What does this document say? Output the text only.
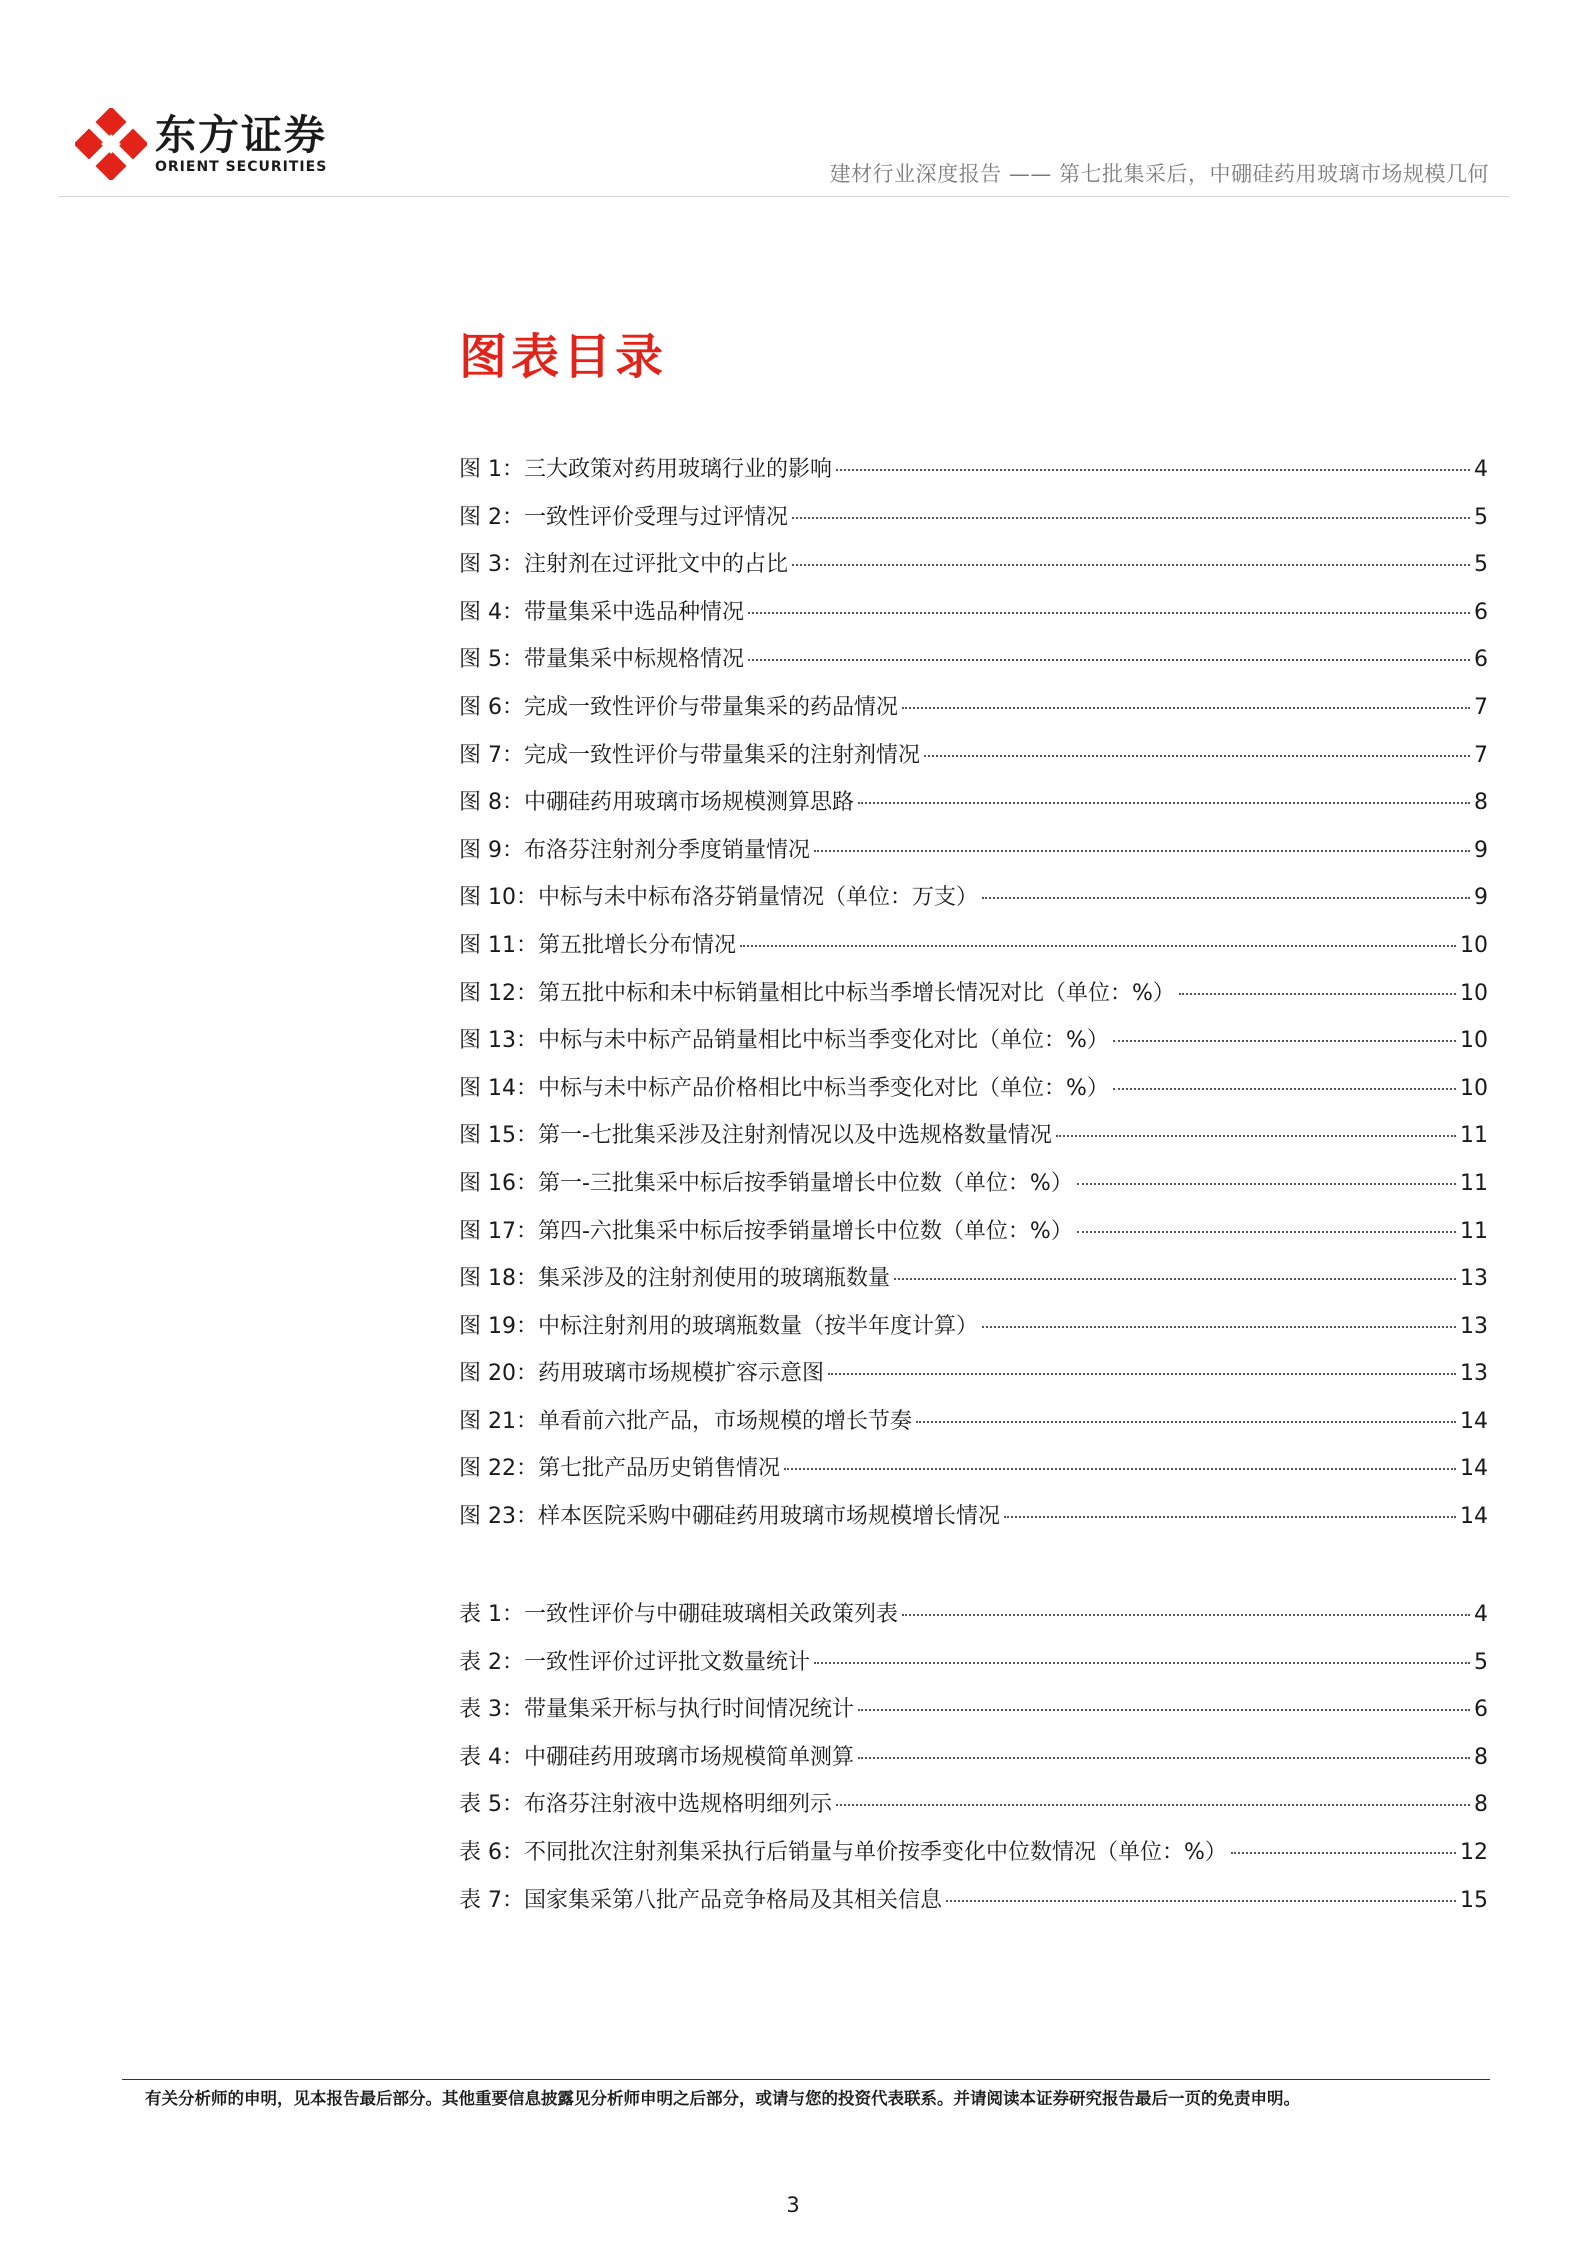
东方证券
ORIENT SECURITIES	建材行业深度报告 —— 第七批集采后，中硼硅药用玻璃市场规模几何
图表目录
图 1：三大政策对药用玻璃行业的影响	4
图 2：一致性评价受理与过评情况	5
图 3：注射剂在过评批文中的占比	5
图 4：带量集采中选品种情况	6
图 5：带量集采中标规格情况	6
图 6：完成一致性评价与带量集采的药品情况	7
图 7：完成一致性评价与带量集采的注射剂情况	7
图 8：中硼硅药用玻璃市场规模测算思路	8
图 9：布洛芬注射剂分季度销量情况	9
图 10：中标与未中标布洛芬销量情况（单位：万支）	9
图 11：第五批增长分布情况	10
图 12：第五批中标和未中标销量相比中标当季增长情况对比（单位：%）	10
图 13：中标与未中标产品销量相比中标当季变化对比（单位：%）	10
图 14：中标与未中标产品价格相比中标当季变化对比（单位：%）	10
图 15：第一-七批集采涉及注射剂情况以及中选规格数量情况	11
图 16：第一-三批集采中标后按季销量增长中位数（单位：%）	11
图 17：第四-六批集采中标后按季销量增长中位数（单位：%）	11
图 18：集采涉及的注射剂使用的玻璃瓶数量	13
图 19：中标注射剂用的玻璃瓶数量（按半年度计算）	13
图 20：药用玻璃市场规模扩容示意图	13
图 21：单看前六批产品，市场规模的增长节奏	14
图 22：第七批产品历史销售情况	14
图 23：样本医院采购中硼硅药用玻璃市场规模增长情况	14
表 1：一致性评价与中硼硅玻璃相关政策列表	4
表 2：一致性评价过评批文数量统计	5
表 3：带量集采开标与执行时间情况统计	6
表 4：中硼硅药用玻璃市场规模简单测算	8
表 5：布洛芬注射液中选规格明细列示	8
表 6：不同批次注射剂集采执行后销量与单价按季变化中位数情况（单位：%）	12
表 7：国家集采第八批产品竞争格局及其相关信息	15
有关分析师的申明，见本报告最后部分。其他重要信息披露见分析师申明之后部分，或请与您的投资代表联系。并请阅读本证券研究报告最后一页的免责申明。
3
